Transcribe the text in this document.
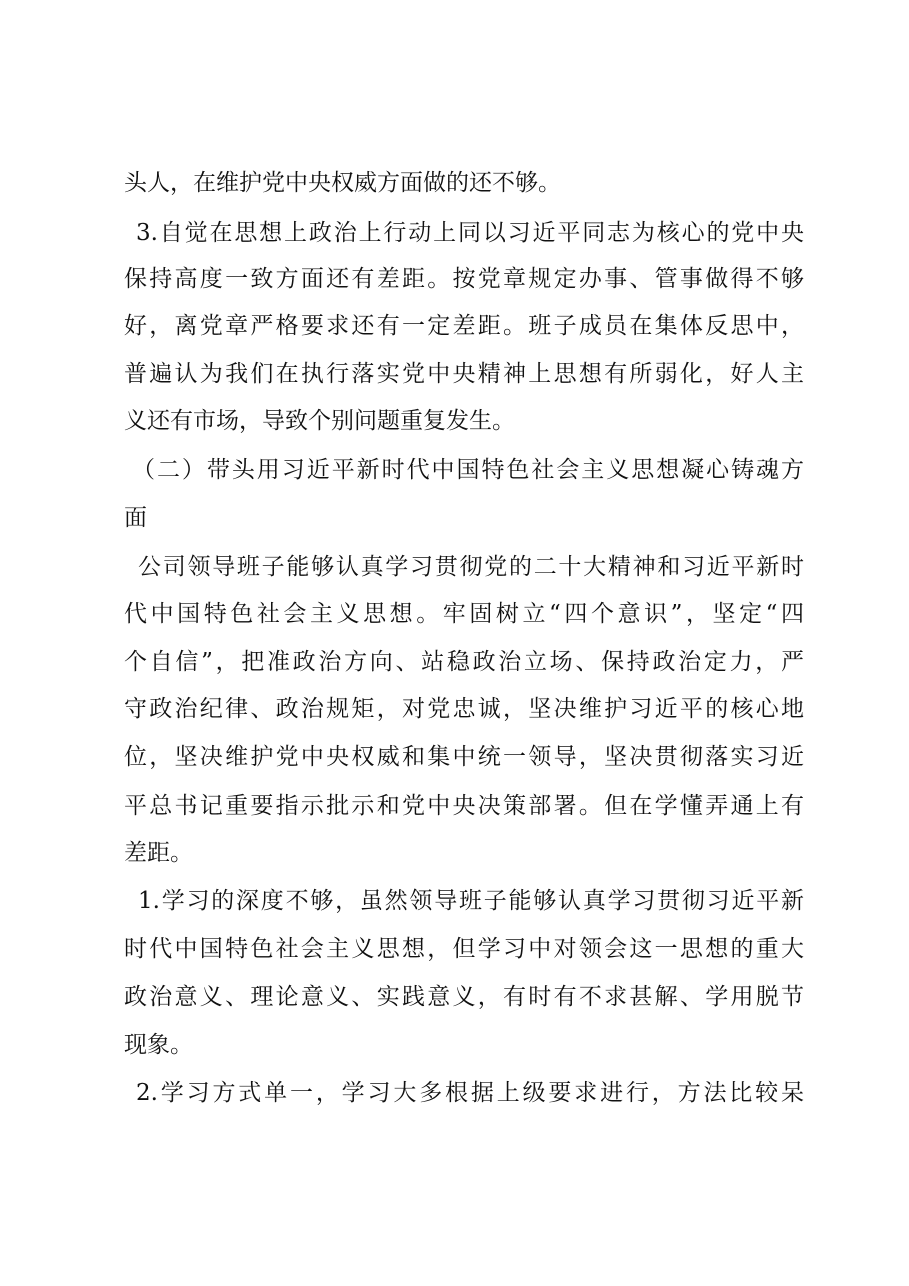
头人，在维护党中央权威方面做的还不够。
3.自觉在思想上政治上行动上同以习近平同志为核心的党中央
保持高度一致方面还有差距。按党章规定办事、管事做得不够
好，离党章严格要求还有一定差距。班子成员在集体反思中，
普遍认为我们在执行落实党中央精神上思想有所弱化，好人主
义还有市场，导致个别问题重复发生。
（二）带头用习近平新时代中国特色社会主义思想凝心铸魂方
面
公司领导班子能够认真学习贯彻党的二十大精神和习近平新时
代中国特色社会主义思想。牢固树立“四个意识”，坚定“四
个自信”，把准政治方向、站稳政治立场、保持政治定力，严
守政治纪律、政治规矩，对党忠诚，坚决维护习近平的核心地
位，坚决维护党中央权威和集中统一领导，坚决贯彻落实习近
平总书记重要指示批示和党中央决策部署。但在学懂弄通上有
差距。
1.学习的深度不够，虽然领导班子能够认真学习贯彻习近平新
时代中国特色社会主义思想，但学习中对领会这一思想的重大
政治意义、理论意义、实践意义，有时有不求甚解、学用脱节
现象。
2.学习方式单一，学习大多根据上级要求进行，方法比较呆
